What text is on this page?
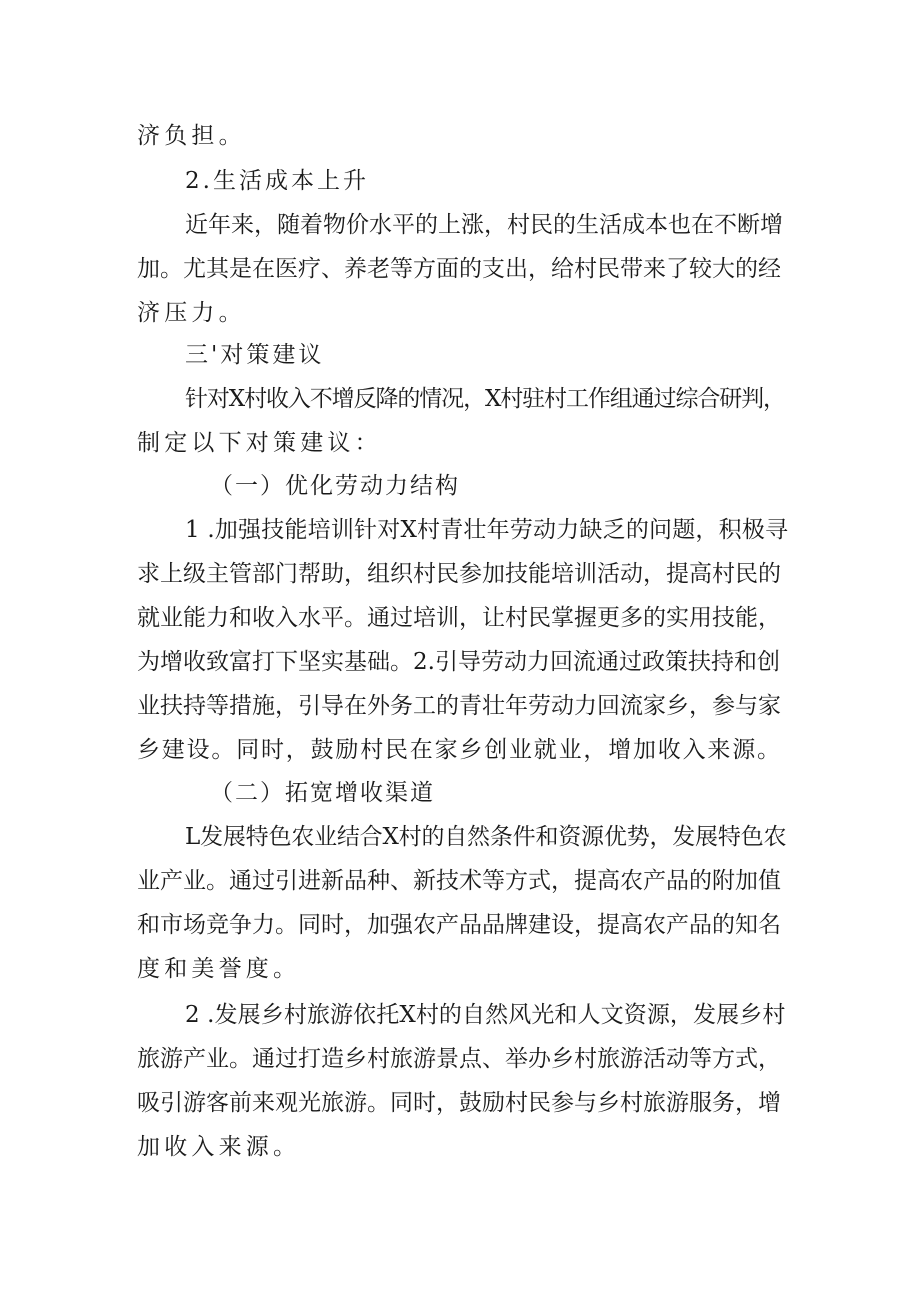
济负担。
2.生活成本上升
近年来，随着物价水平的上涨，村民的生活成本也在不断增
加。尤其是在医疗、养老等方面的支出，给村民带来了较大的经
济压力。
三'对策建议
针对X村收入不增反降的情况，X村驻村工作组通过综合研判，
制定以下对策建议：
（一）优化劳动力结构
1 .加强技能培训针对X村青壮年劳动力缺乏的问题，积极寻
求上级主管部门帮助，组织村民参加技能培训活动，提高村民的
就业能力和收入水平。通过培训，让村民掌握更多的实用技能，
为增收致富打下坚实基础。2.引导劳动力回流通过政策扶持和创
业扶持等措施，引导在外务工的青壮年劳动力回流家乡，参与家
乡建设。同时，鼓励村民在家乡创业就业，增加收入来源。
（二）拓宽增收渠道
L发展特色农业结合X村的自然条件和资源优势，发展特色农
业产业。通过引进新品种、新技术等方式，提高农产品的附加值
和市场竞争力。同时，加强农产品品牌建设，提高农产品的知名
度和美誉度。
2 .发展乡村旅游依托X村的自然风光和人文资源，发展乡村
旅游产业。通过打造乡村旅游景点、举办乡村旅游活动等方式，
吸引游客前来观光旅游。同时，鼓励村民参与乡村旅游服务，增
加收入来源。
